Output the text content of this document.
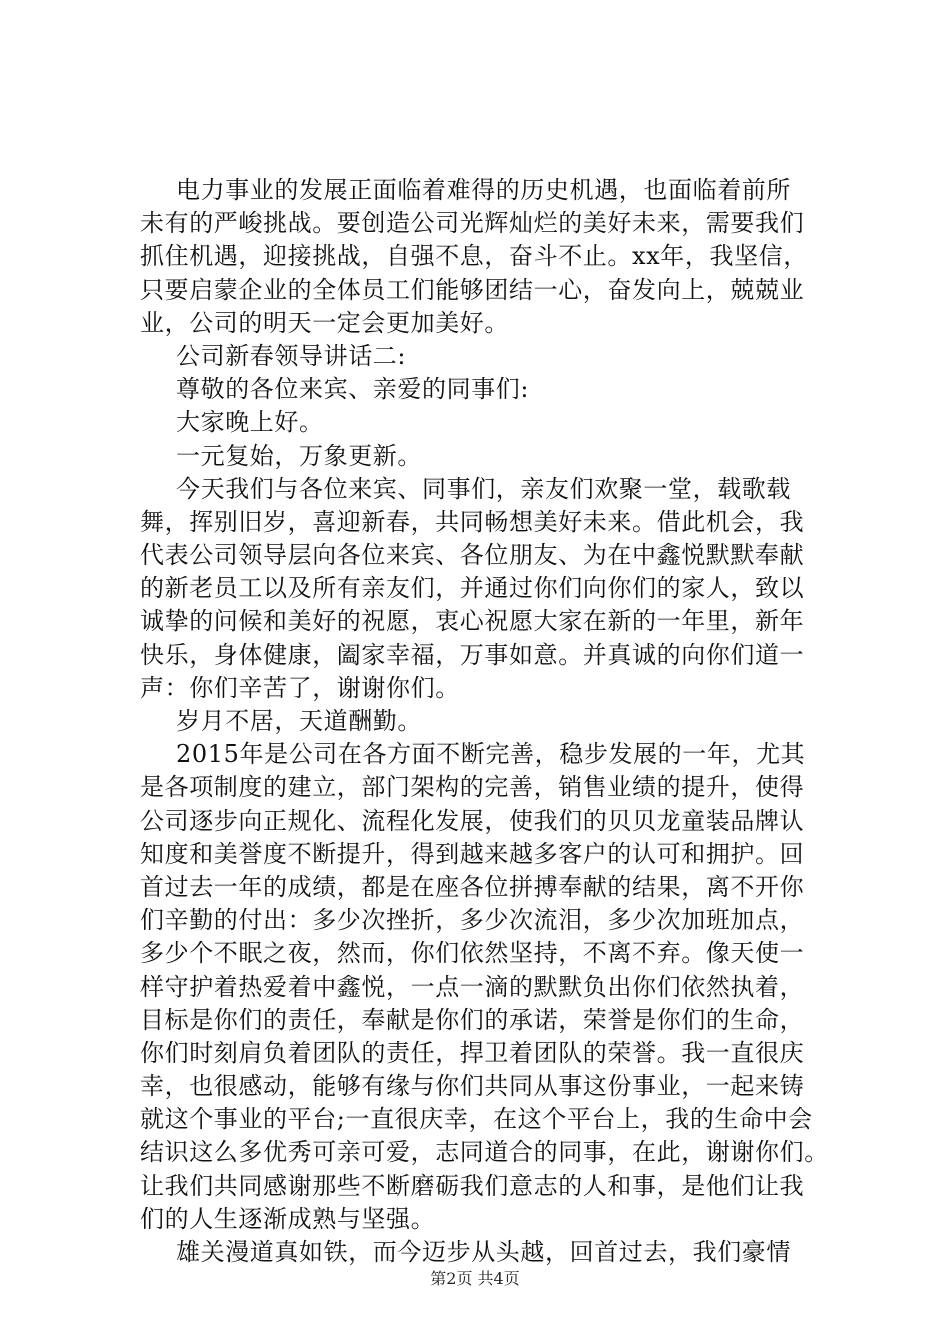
电力事业的发展正面临着难得的历史机遇，也面临着前所
未有的严峻挑战。要创造公司光辉灿烂的美好未来，需要我们
抓住机遇，迎接挑战，自强不息，奋斗不止。xx年，我坚信，
只要启蒙企业的全体员工们能够团结一心，奋发向上，兢兢业
业，公司的明天一定会更加美好。
公司新春领导讲话二:
尊敬的各位来宾、亲爱的同事们:
大家晚上好。
一元复始，万象更新。
今天我们与各位来宾、同事们，亲友们欢聚一堂，载歌载
舞，挥别旧岁，喜迎新春，共同畅想美好未来。借此机会，我
代表公司领导层向各位来宾、各位朋友、为在中鑫悦默默奉献
的新老员工以及所有亲友们，并通过你们向你们的家人，致以
诚挚的问候和美好的祝愿，衷心祝愿大家在新的一年里，新年
快乐，身体健康，阖家幸福，万事如意。并真诚的向你们道一
声：你们辛苦了，谢谢你们。
岁月不居，天道酬勤。
2015年是公司在各方面不断完善，稳步发展的一年，尤其
是各项制度的建立，部门架构的完善，销售业绩的提升，使得
公司逐步向正规化、流程化发展，使我们的贝贝龙童装品牌认
知度和美誉度不断提升，得到越来越多客户的认可和拥护。回
首过去一年的成绩，都是在座各位拼搏奉献的结果，离不开你
们辛勤的付出：多少次挫折，多少次流泪，多少次加班加点，
多少个不眠之夜，然而，你们依然坚持，不离不弃。像天使一
样守护着热爱着中鑫悦，一点一滴的默默负出你们依然执着，
目标是你们的责任，奉献是你们的承诺，荣誉是你们的生命，
你们时刻肩负着团队的责任，捍卫着团队的荣誉。我一直很庆
幸，也很感动，能够有缘与你们共同从事这份事业，一起来铸
就这个事业的平台;一直很庆幸，在这个平台上，我的生命中会
结识这么多优秀可亲可爱，志同道合的同事，在此，谢谢你们。
让我们共同感谢那些不断磨砺我们意志的人和事，是他们让我
们的人生逐渐成熟与坚强。
雄关漫道真如铁，而今迈步从头越，回首过去，我们豪情
第2页 共4页
